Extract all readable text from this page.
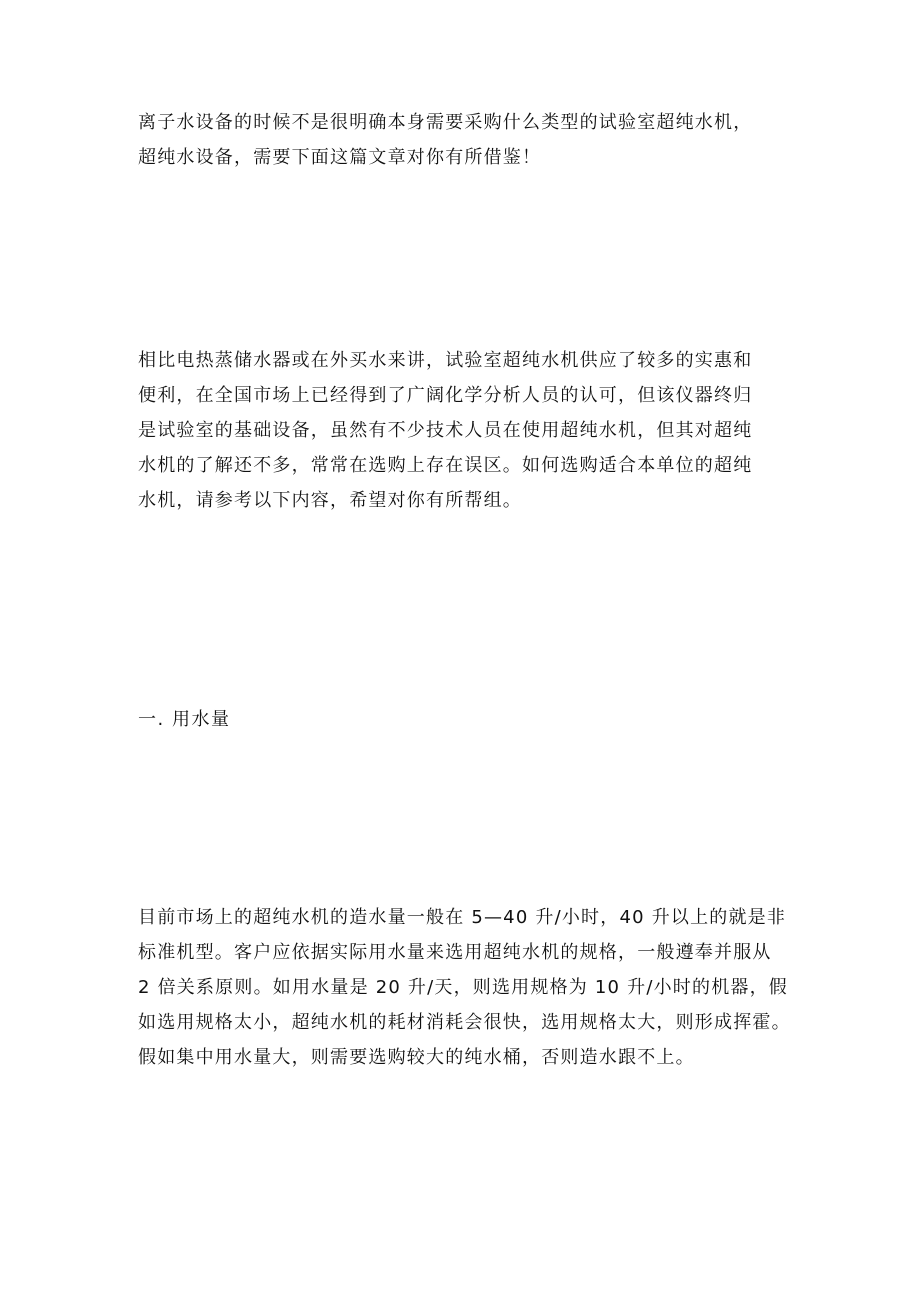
离子水设备的时候不是很明确本身需要采购什么类型的试验室超纯水机，
超纯水设备，需要下面这篇文章对你有所借鉴！

相比电热蒸储水器或在外买水来讲，试验室超纯水机供应了较多的实惠和
便利，在全国市场上已经得到了广阔化学分析人员的认可，但该仪器终归
是试验室的基础设备，虽然有不少技术人员在使用超纯水机，但其对超纯
水机的了解还不多，常常在选购上存在误区。如何选购适合本单位的超纯
水机，请参考以下内容，希望对你有所帮组。

一. 用水量

目前市场上的超纯水机的造水量一般在 5—40 升/小时，40 升以上的就是非
标准机型。客户应依据实际用水量来选用超纯水机的规格，一般遵奉并服从
2 倍关系原则。如用水量是 20 升/天，则选用规格为 10 升/小时的机器，假
如选用规格太小，超纯水机的耗材消耗会很快，选用规格太大，则形成挥霍。
假如集中用水量大，则需要选购较大的纯水桶，否则造水跟不上。
